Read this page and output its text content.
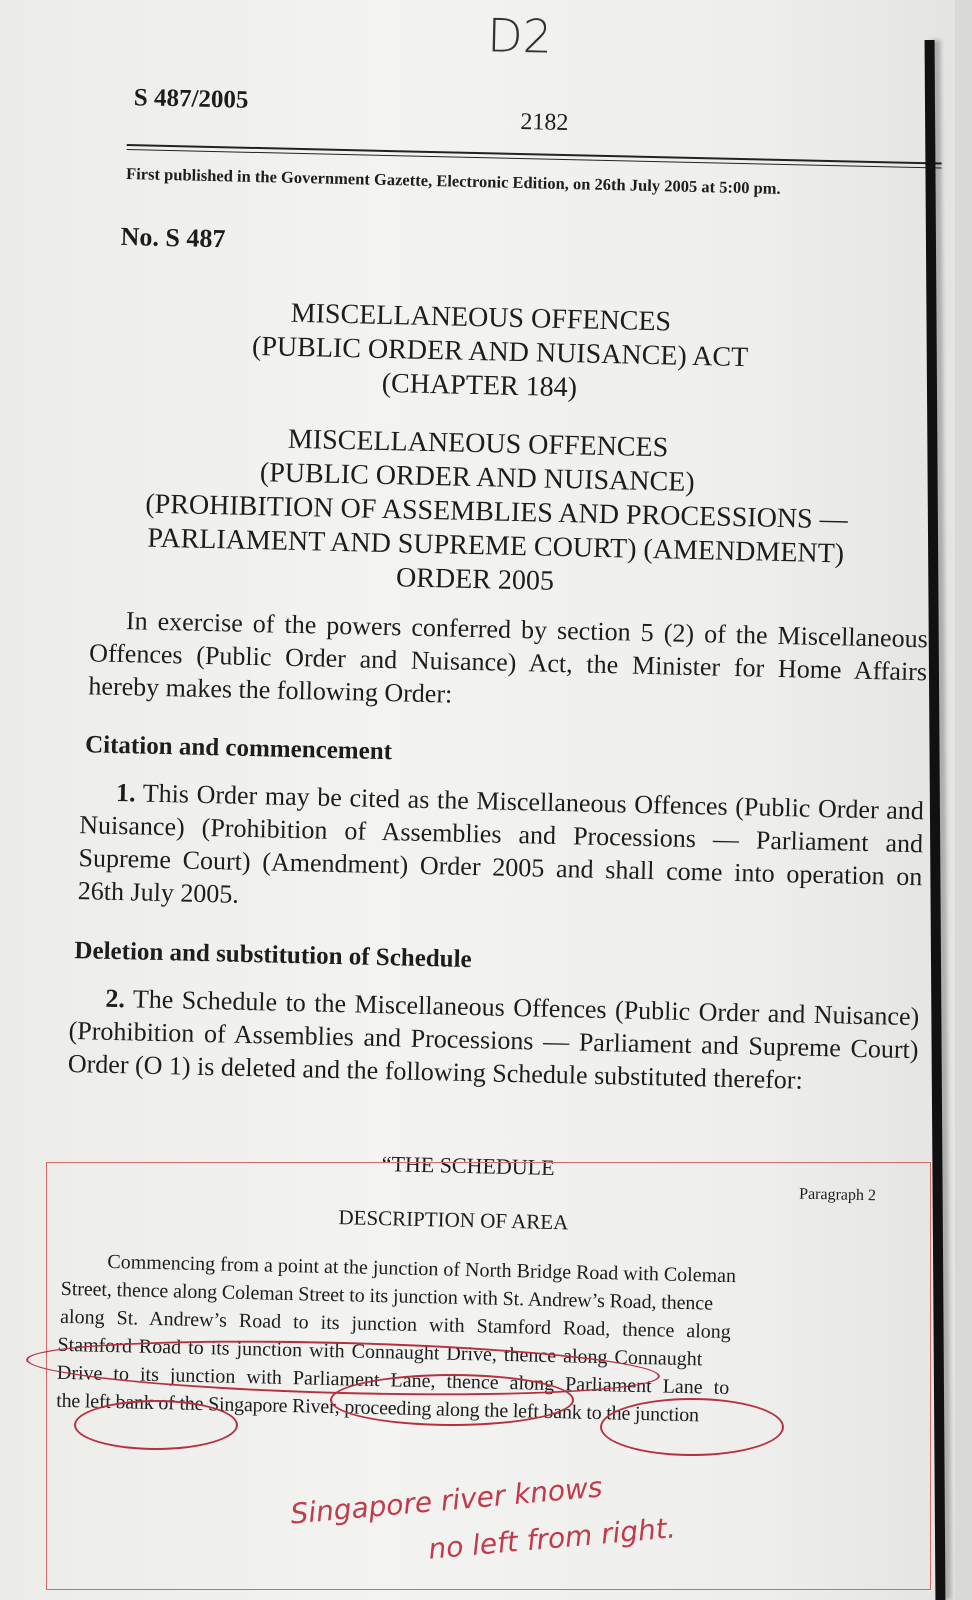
D2
S 487/2005
2182
First published in the Government Gazette, Electronic Edition, on 26th July 2005 at 5:00 pm.
No. S 487
MISCELLANEOUS OFFENCES
(PUBLIC ORDER AND NUISANCE) ACT
(CHAPTER 184)
MISCELLANEOUS OFFENCES
(PUBLIC ORDER AND NUISANCE)
(PROHIBITION OF ASSEMBLIES AND PROCESSIONS —
PARLIAMENT AND SUPREME COURT) (AMENDMENT)
ORDER 2005
In exercise of the powers conferred by section 5 (2) of the Miscellaneous Offences (Public Order and Nuisance) Act, the Minister for Home Affairs hereby makes the following Order:
Citation and commencement
1. This Order may be cited as the Miscellaneous Offences (Public Order and Nuisance) (Prohibition of Assemblies and Processions — Parliament and Supreme Court) (Amendment) Order 2005 and shall come into operation on 26th July 2005.
Deletion and substitution of Schedule
2. The Schedule to the Miscellaneous Offences (Public Order and Nuisance) (Prohibition of Assemblies and Processions — Parliament and Supreme Court) Order (O 1) is deleted and the following Schedule substituted therefor:
“THE SCHEDULE
Paragraph 2
DESCRIPTION OF AREA
Commencing from a point at the junction of North Bridge Road with Coleman
Street, thence along Coleman Street to its junction with St. Andrew’s Road, thence
along St. Andrew’s Road to its junction with Stamford Road, thence along
Stamford Road to its junction with Connaught Drive, thence along Connaught
Drive to its junction with Parliament Lane, thence along Parliament Lane to
the left bank of the Singapore River, proceeding along the left bank to the junction
Singapore river knows
no left from right.
